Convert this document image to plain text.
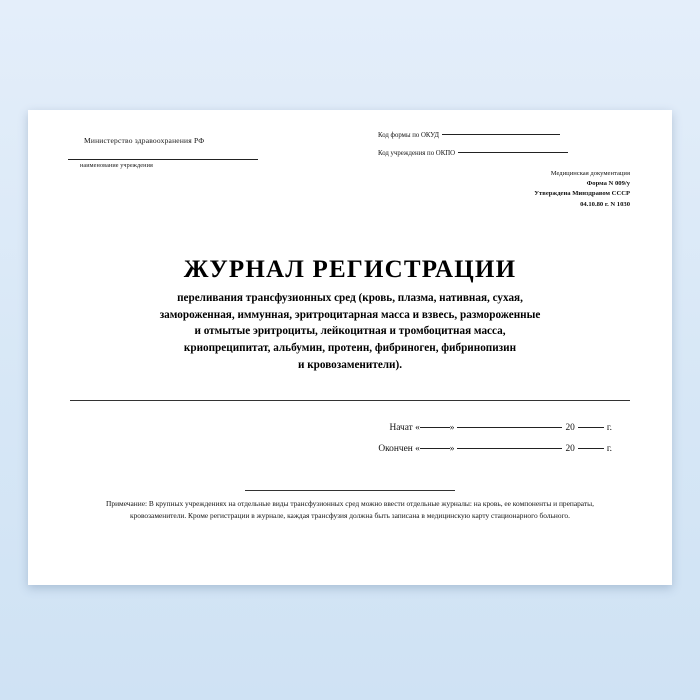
Министерство здравоохранения РФ
наименование учреждения
Код формы по ОКУД
Код учреждения по ОКПО
Медицинская документация
Форма N 009/у
Утверждена Минздравом СССР
04.10.80 г. N 1030
ЖУРНАЛ РЕГИСТРАЦИИ
переливания трансфузионных сред (кровь, плазма, нативная, сухая,
замороженная, иммунная, эритроцитарная масса и взвесь, размороженные
и отмытые эритроциты, лейкоцитная и тромбоцитная масса,
криопреципитат, альбумин, протеин, фибриноген, фибринопизин
и кровозаменители).
Начат «	»	20	г.
Окончен «	»	20	г.
Примечание: В крупных учреждениях на отдельные виды трансфузионных сред можно ввести отдельные журналы: на кровь, ее компоненты и препараты, кровозаменители. Кроме регистрации в журнале, каждая трансфузия должна быть записана в медицинскую карту стационарного больного.
